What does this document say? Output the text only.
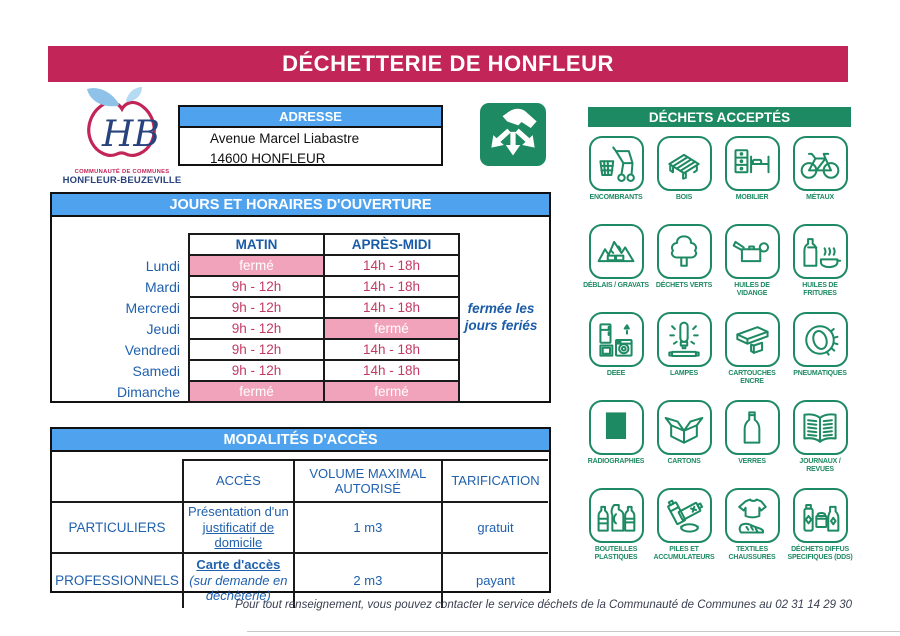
DÉCHETTERIE DE HONFLEUR
HB
COMMUNAUTÉ DE COMMUNES
HONFLEUR-BEUZEVILLE
ADRESSE
Avenue Marcel Liabastre
14600 HONFLEUR
DÉCHETS ACCEPTÉS
ENCOMBRANTS	BOIS	MOBILIER	MÉTAUX
DÉBLAIS / GRAVATS DÉCHETS VERTS	HUILES DE VIDANGE
HUILES DE FRITURES
DEEE	LAMPES	CARTOUCHES ENCRE
PNEUMATIQUES
RADIOGRAPHIES	CARTONS	VERRES	JOURNAUX / REVUES
BOUTEILLES PLASTIQUES
PILES ET ACCUMULATEURS
TEXTILES CHAUSSURES
DÉCHETS DIFFUS SPECIFIQUES (DDS)
JOURS ET HORAIRES D'OUVERTURE
	MATIN	APRÈS-MIDI
Lundi	fermé	14h - 18h
Mardi	9h - 12h	14h - 18h
Mercredi	9h - 12h	14h - 18h
Jeudi	9h - 12h	fermé
Vendredi	9h - 12h	14h - 18h
Samedi	9h - 12h	14h - 18h
Dimanche	fermé	fermé
fermée les
jours feriés
MODALITÉS D'ACCÈS
	ACCÈS	VOLUME MAXIMAL AUTORISÉ	TARIFICATION
PARTICULIERS	Présentation d'un
justificatif de domicile	1 m3	gratuit
PROFESSIONNELS	Carte d'accès
(sur demande en
déchèterie)	2 m3	payant
Pour tout renseignement, vous pouvez contacter le service déchets de la Communauté de Communes au 02 31 14 29 30
